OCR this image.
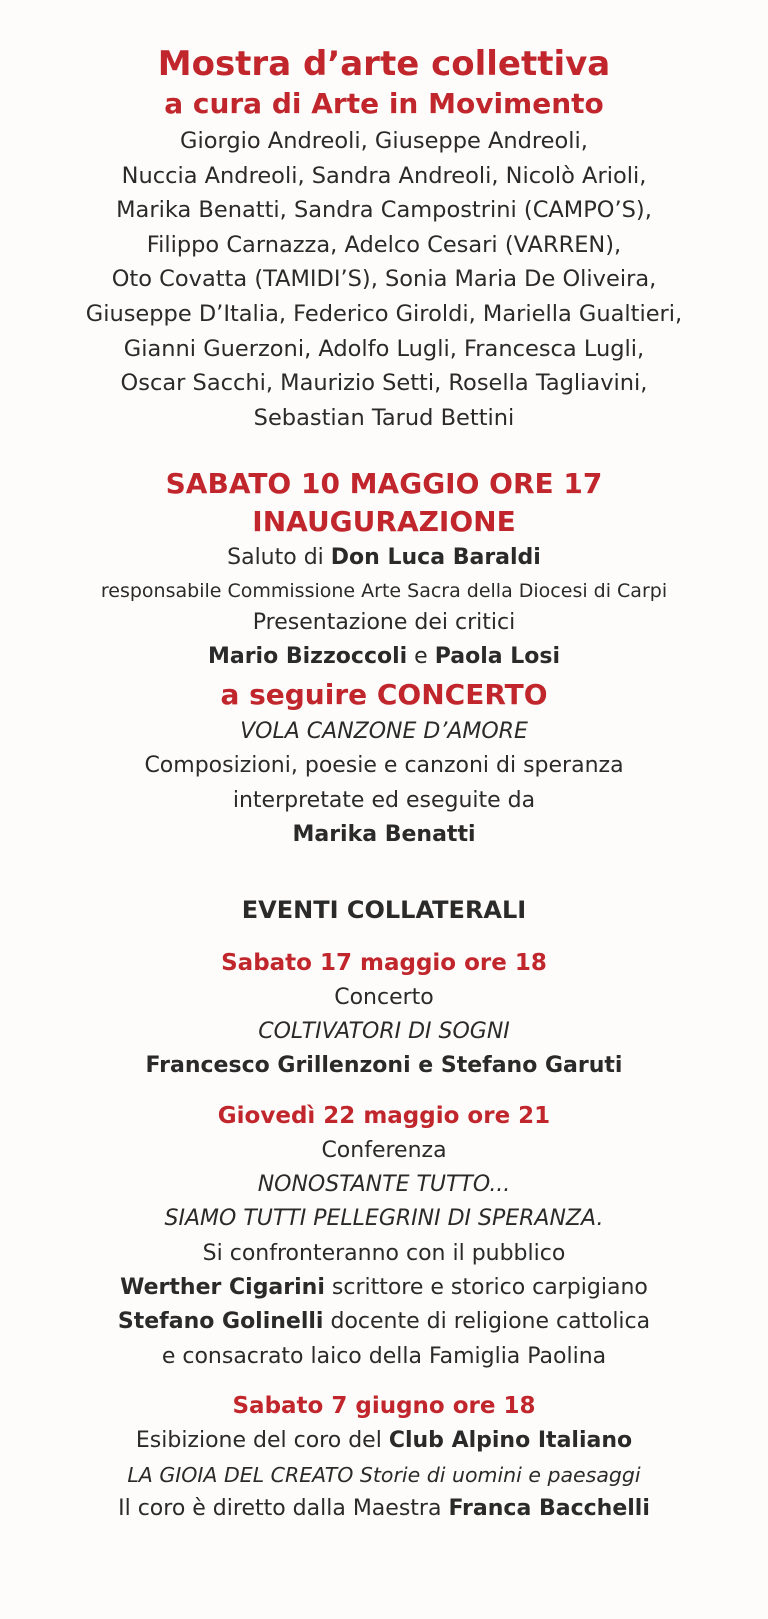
Mostra d’arte collettiva
a cura di Arte in Movimento
Giorgio Andreoli, Giuseppe Andreoli,
Nuccia Andreoli, Sandra Andreoli, Nicolò Arioli,
Marika Benatti, Sandra Campostrini (CAMPO’S),
Filippo Carnazza, Adelco Cesari (VARREN),
Oto Covatta (TAMIDI’S), Sonia Maria De Oliveira,
Giuseppe D’Italia, Federico Giroldi, Mariella Gualtieri,
Gianni Guerzoni, Adolfo Lugli, Francesca Lugli,
Oscar Sacchi, Maurizio Setti, Rosella Tagliavini,
Sebastian Tarud Bettini
SABATO 10 MAGGIO ORE 17
INAUGURAZIONE
Saluto di Don Luca Baraldi
responsabile Commissione Arte Sacra della Diocesi di Carpi
Presentazione dei critici
Mario Bizzoccoli e Paola Losi
a seguire CONCERTO
VOLA CANZONE D’AMORE
Composizioni, poesie e canzoni di speranza
interpretate ed eseguite da
Marika Benatti
EVENTI COLLATERALI
Sabato 17 maggio ore 18
Concerto
COLTIVATORI DI SOGNI
Francesco Grillenzoni e Stefano Garuti
Giovedì 22 maggio ore 21
Conferenza
NONOSTANTE TUTTO...
SIAMO TUTTI PELLEGRINI DI SPERANZA.
Si confronteranno con il pubblico
Werther Cigarini scrittore e storico carpigiano
Stefano Golinelli docente di religione cattolica
e consacrato laico della Famiglia Paolina
Sabato 7 giugno ore 18
Esibizione del coro del Club Alpino Italiano
LA GIOIA DEL CREATO Storie di uomini e paesaggi
Il coro è diretto dalla Maestra Franca Bacchelli
